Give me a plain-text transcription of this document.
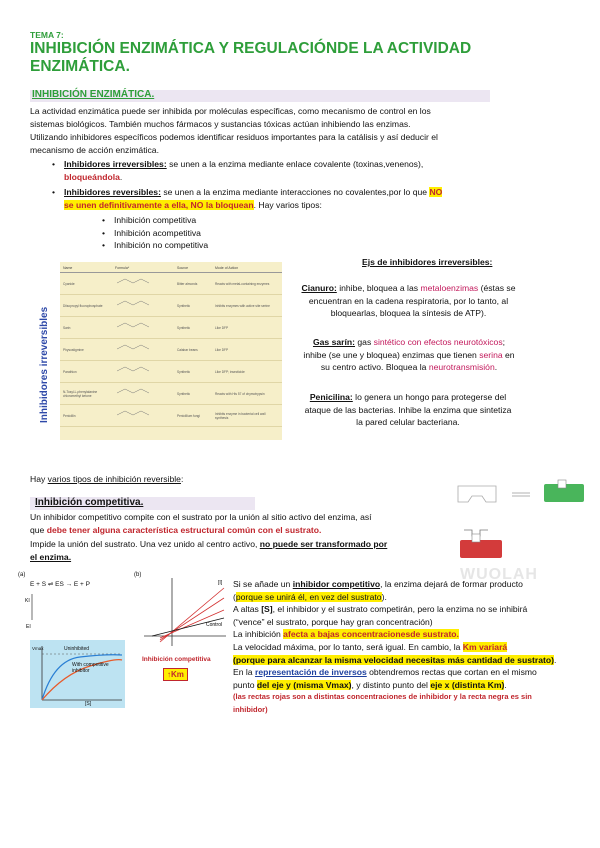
TEMA 7:
INHIBICIÓN ENZIMÁTICA Y REGULACIÓNDE LA ACTIVIDAD
ENZIMÁTICA.
INHIBICIÓN ENZIMÁTICA.
La actividad enzimática puede ser inhibida por moléculas específicas, como mecanismo de control en los
sistemas biológicos. También muchos fármacos y sustancias tóxicas actúan inhibiendo las enzimas.
Utilizando inhibidores específicos podemos identificar residuos importantes para la catálisis y así deducir el
mecanismo de acción enzimática.
Inhibidores irreversibles: se unen a la enzima mediante enlace covalente (toxinas,venenos),
bloqueándola.
Inhibidores reversibles: se unen a la enzima mediante interacciones no covalentes,por lo que NO
se unen definitivamente a ella, NO la bloquean. Hay varios tipos:
Inhibición competitiva
Inhibición acompetitiva
Inhibición no competitiva
Inhibidores irreversibles
Name	Formula*	Source	Mode of Action
Cyanide	Bitter almonds	Reacts with metal-containing enzymes
Diisopropyl fluorophosphate	Synthetic	Inhibits enzymes with active site serine
Sarin	Synthetic	Like DFP
Physostigmine	Calabar beans	Like DFP
Parathion	Synthetic	Like DFP; insecticide
N-Tosyl-L-phenylalanine chloromethyl ketone	Synthetic	Reacts with His 57 of chymotrypsin
Penicillin	Penicillium fungi	Inhibits enzyme in bacterial cell wall synthesis
Ejs de inhibidores irreversibles:
Cianuro: inhibe, bloquea a las metaloenzimas (éstas se
encuentran en la cadena respiratoria, por lo tanto, al
bloquearlas, bloquea la síntesis de ATP).
Gas sarín: gas sintético con efectos neurotóxicos;
inhibe (se une y bloquea) enzimas que tienen serina en
su centro activo. Bloquea la neurotransmisión.
Penicilina: lo genera un hongo para protegerse del
ataque de las bacterias. Inhibe la enzima que sintetiza
la pared celular bacteriana.
Hay varios tipos de inhibición reversible:
Inhibición competitiva.
Un inhibidor competitivo compite con el sustrato por la unión al sitio activo del enzima, así
que debe tener alguna característica estructural común con el sustrato.
Impide la unión del sustrato. Una vez unido al centro activo, no puede ser transformado por
el enzima.
WUOLAH
(a)
E + S ⇌ ES → E + P
KI
EI
Uninhibited
With competitive inhibitor
Vmax
[S]
(b)
Control
[I]
Inhibición competitiva
↑Km
Si se añade un inhibidor competitivo, la enzima dejará de formar producto
(porque se unirá él, en vez del sustrato).
A altas [S], el inhibidor y el sustrato competirán, pero la enzima no se inhibirá
(“vence” el sustrato, porque hay gran concentración)
La inhibición afecta a bajas concentracionesde sustrato.
La velocidad máxima, por lo tanto, será igual. En cambio, la Km variará
(porque para alcanzar la misma velocidad necesitas más cantidad de sustrato).
En la representación de inversos obtendremos rectas que cortan en el mismo
punto del eje y (misma Vmax), y distinto punto del eje x (distinta Km).
(las rectas rojas son a distintas concentraciones de inhibidor y la recta negra es sin
inhibidor)
